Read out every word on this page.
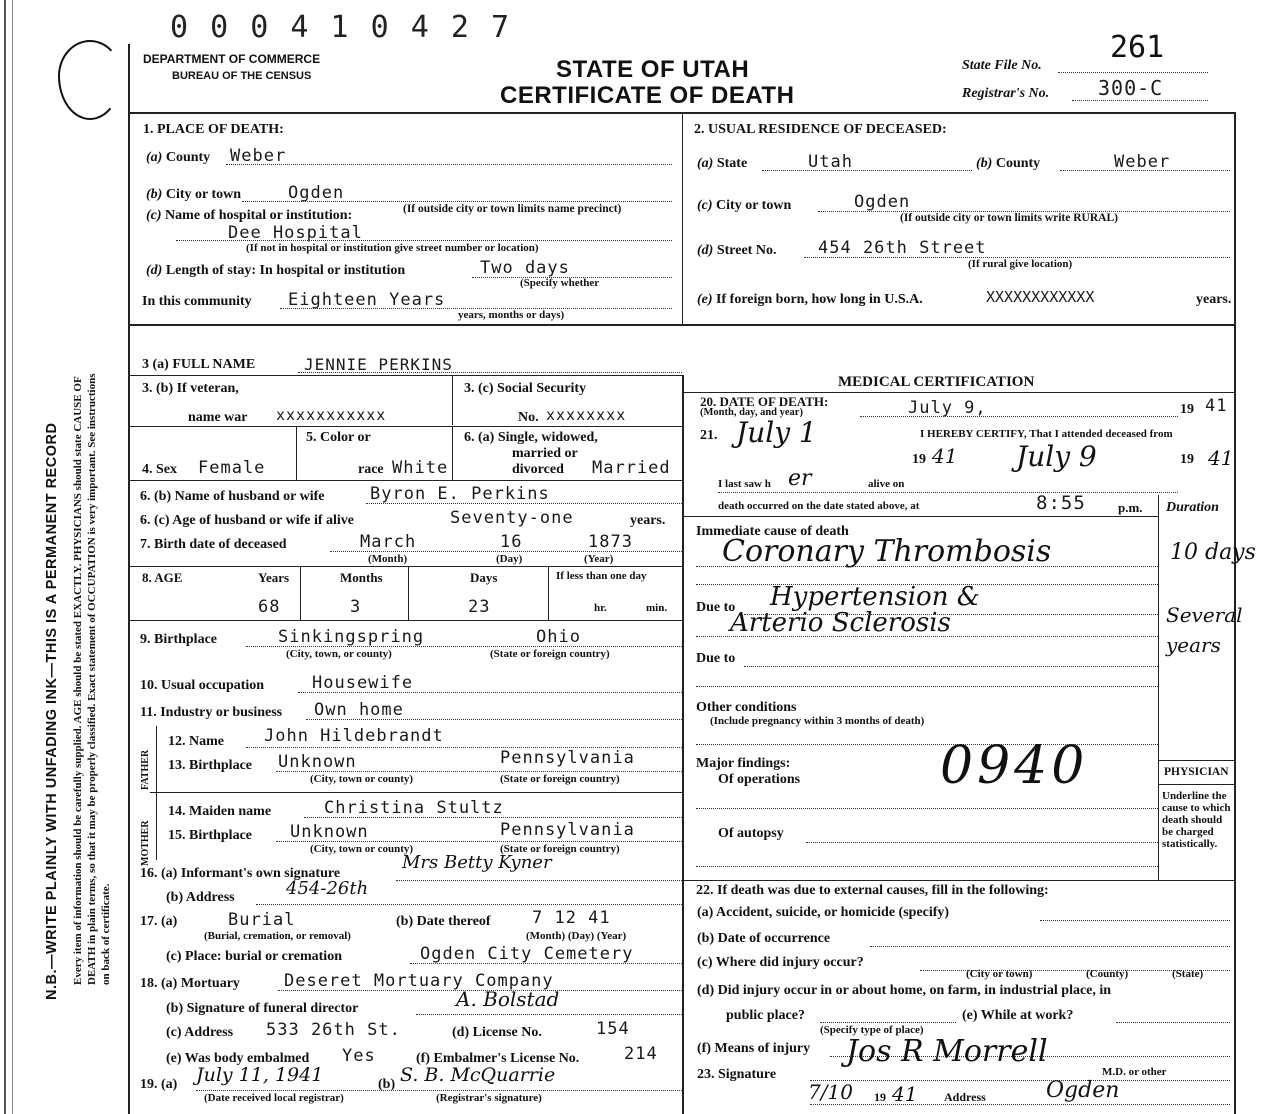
N.B.—WRITE PLAINLY WITH UNFADING INK—THIS IS A PERMANENT RECORD Every item of information should be carefully supplied. AGE should be stated EXACTLY. PHYSICIANS should state CAUSE OF DEATH in plain terms, so that it may be properly classified. Exact statement of OCCUPATION is very important. See instructions on back of certificate.
0 0 0 4 1 0 4 2 7
DEPARTMENT OF COMMERCE
BUREAU OF THE CENSUS	STATE OF UTAH
CERTIFICATE OF DEATH
State File No.
261
Registrar's No. 300-C
1. PLACE OF DEATH:
(a) County Weber
(b) City or town	Ogden
(c) Name of hospital or institution:	(If outside city or town limits name precinct)
Dee Hospital
(If not in hospital or institution give street number or location)
(d) Length of stay: In hospital or institution	Two days
(Specify whether
In this community Eighteen Years
years, months or days)
2. USUAL RESIDENCE OF DECEASED:
(a) State	Utah	(b) County	Weber
(c) City or town	Ogden
(If outside city or town limits write RURAL)
(d) Street No. 454 26th Street
(If rural give location)
(e) If foreign born, how long in U.S.A.	XXXXXXXXXXXX	years.
3 (a) FULL NAME	JENNIE PERKINS
3. (b) If veteran,
name war xxxxxxxxxxx
3. (c) Social Security
No. xxxxxxxx
4. Sex Female
5. Color or
race White
6. (a) Single, widowed,
married or
divorced Married
6. (b) Name of husband or wife	Byron E. Perkins
6. (c) Age of husband or wife if alive	Seventy-one	years.
7. Birth date of deceased	March	16	1873
(Month)	(Day)	(Year)
8. AGE	Years	Months	Days	If less than one day
68	3	23	hr.	min.
9. Birthplace	Sinkingspring	Ohio
(City, town, or county)	(State or foreign country)
10. Usual occupation	Housewife
11. Industry or business Own home
FATHER
MOTHER
12. Name John Hildebrandt
13. Birthplace Unknown	Pennsylvania
(City, town or county)	(State or foreign country)
14. Maiden name	Christina Stultz
15. Birthplace Unknown	Pennsylvania
(City, town or county)	(State or foreign country)
16. (a) Informant's own signature
Mrs Betty Kyner
(b) Address	454-26th
17. (a)	Burial
(Burial, cremation, or removal)
(b) Date thereof 7 12 41
(Month) (Day) (Year)
(c) Place: burial or cremation	Ogden City Cemetery
18. (a) Mortuary	Deseret Mortuary Company
(b) Signature of funeral director	A. Bolstad
(c) Address 533 26th St.	(d) License No.	154
(e) Was body embalmed Yes	(f) Embalmer's License No.	214
19. (a) July 11, 1941	(b) S. B. McQuarrie
(Date received local registrar)	(Registrar's signature)
MEDICAL CERTIFICATION
20. DATE OF DEATH:
(Month, day, and year)	July 9,	19 41
21.	I HEREBY CERTIFY, That I attended deceased from
July 1
19 41 July 9	19 41
I last saw h er	alive on
death occurred on the date stated above, at	8:55 p.m.
Immediate cause of death
Coronary Thrombosis
Due to Hypertension &
Arterio Sclerosis
Due to
Other conditions
(Include pregnancy within 3 months of death)
Major findings:
Of operations	0940
Of autopsy
Duration
10 days
Several years
PHYSICIAN
Underline the cause to which death should be charged statistically.
22. If death was due to external causes, fill in the following:
(a) Accident, suicide, or homicide (specify)
(b) Date of occurrence
(c) Where did injury occur?
(City or town)	(County)	(State)
(d) Did injury occur in or about home, on farm, in industrial place, in
public place?
(Specify type of place)
(e) While at work?
(f) Means of injury
23. Signature
Jos R Morrell
M.D. or other
7/10 19 41 Address	Ogden
